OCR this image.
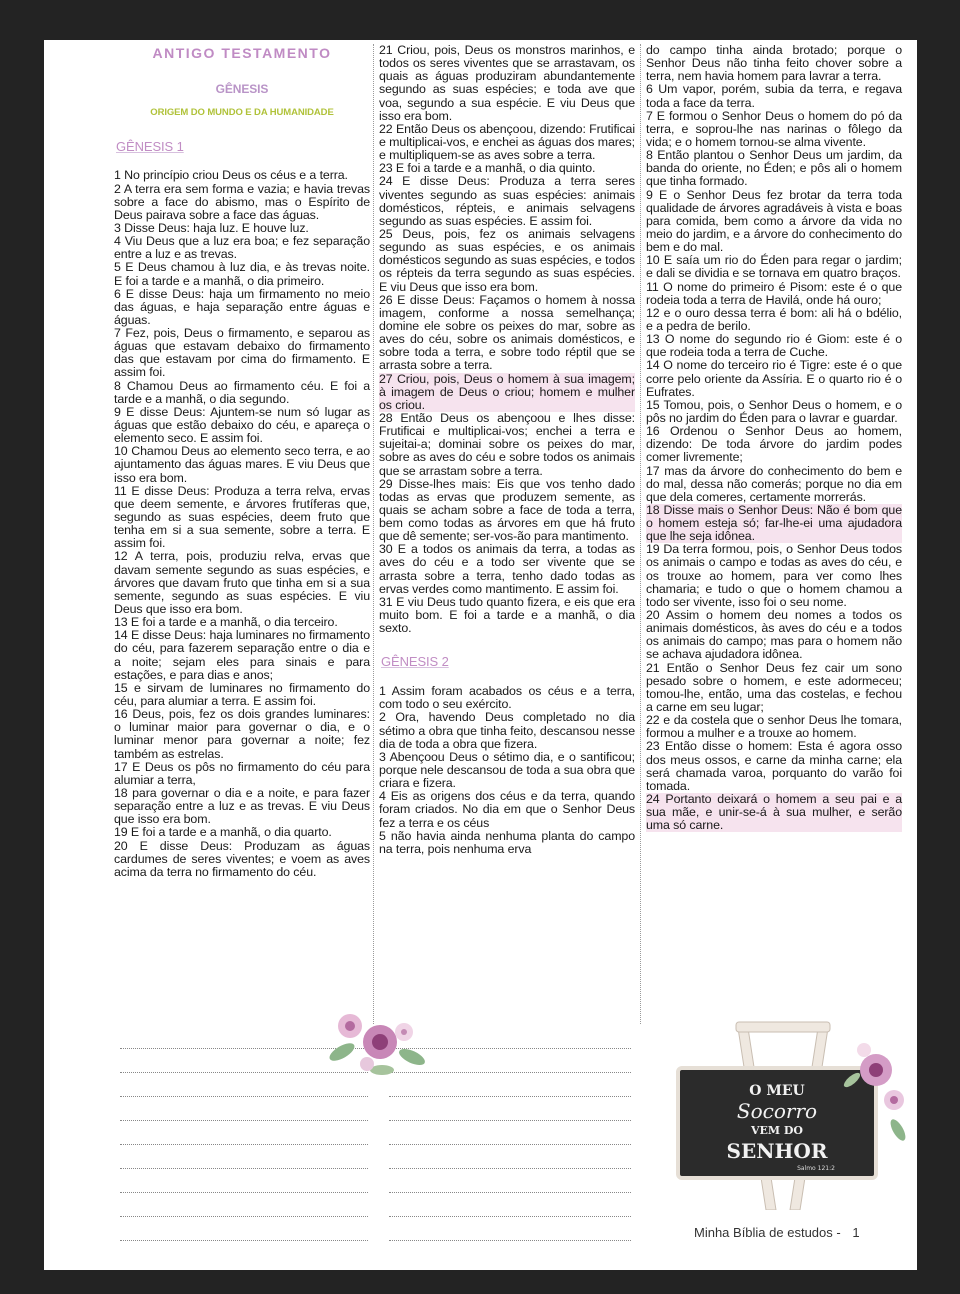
ANTIGO TESTAMENTO
GÊNESIS
ORIGEM DO MUNDO E DA HUMANIDADE
GÊNESIS 1

1 No princípio criou Deus os céus e a terra.

2 A terra era sem forma e vazia; e havia trevas sobre a face do abismo, mas o Espírito de Deus pairava sobre a face das águas.

3 Disse Deus: haja luz. E houve luz.

4 Viu Deus que a luz era boa; e fez separação entre a luz e as trevas.

5 E Deus chamou à luz dia, e às trevas noite. E foi a tarde e a manhã, o dia primeiro.

6 E disse Deus: haja um firmamento no meio das águas, e haja separação entre águas e águas.

7 Fez, pois, Deus o firmamento, e separou as águas que estavam debaixo do firmamento das que estavam por cima do firmamento. E assim foi.

8 Chamou Deus ao firmamento céu. E foi a tarde e a manhã, o dia segundo.

9 E disse Deus: Ajuntem-se num só lugar as águas que estão debaixo do céu, e apareça o elemento seco. E assim foi.

10 Chamou Deus ao elemento seco terra, e ao ajuntamento das águas mares. E viu Deus que isso era bom.

11 E disse Deus: Produza a terra relva, ervas que deem semente, e árvores frutíferas que, segundo as suas espécies, deem fruto que tenha em si a sua semente, sobre a terra. E assim foi.

12 A terra, pois, produziu relva, ervas que davam semente segundo as suas espécies, e árvores que davam fruto que tinha em si a sua semente, segundo as suas espécies. E viu Deus que isso era bom.

13 E foi a tarde e a manhã, o dia terceiro.

14 E disse Deus: haja luminares no firmamento do céu, para fazerem separação entre o dia e a noite; sejam eles para sinais e para estações, e para dias e anos;

15 e sirvam de luminares no firmamento do céu, para alumiar a terra. E assim foi.

16 Deus, pois, fez os dois grandes luminares: o luminar maior para governar o dia, e o luminar menor para governar a noite; fez também as estrelas.

17 E Deus os pôs no firmamento do céu para alumiar a terra,

18 para governar o dia e a noite, e para fazer separação entre a luz e as trevas. E viu Deus que isso era bom.

19 E foi a tarde e a manhã, o dia quarto.

20 E disse Deus: Produzam as águas cardumes de seres viventes; e voem as aves acima da terra no firmamento do céu.

21 Criou, pois, Deus os monstros marinhos, e todos os seres viventes que se arrastavam, os quais as águas produziram abundantemente segundo as suas espécies; e toda ave que voa, segundo a sua espécie. E viu Deus que isso era bom.

22 Então Deus os abençoou, dizendo: Frutificai e multiplicai-vos, e enchei as águas dos mares; e multipliquem-se as aves sobre a terra.

23 E foi a tarde e a manhã, o dia quinto.

24 E disse Deus: Produza a terra seres viventes segundo as suas espécies: animais domésticos, répteis, e animais selvagens segundo as suas espécies. E assim foi.

25 Deus, pois, fez os animais selvagens segundo as suas espécies, e os animais domésticos segundo as suas espécies, e todos os répteis da terra segundo as suas espécies. E viu Deus que isso era bom.

26 E disse Deus: Façamos o homem à nossa imagem, conforme a nossa semelhança; domine ele sobre os peixes do mar, sobre as aves do céu, sobre os animais domésticos, e sobre toda a terra, e sobre todo réptil que se arrasta sobre a terra.

27 Criou, pois, Deus o homem à sua imagem; à imagem de Deus o criou; homem e mulher os criou.

28 Então Deus os abençoou e lhes disse: Frutificai e multiplicai-vos; enchei a terra e sujeitai-a; dominai sobre os peixes do mar, sobre as aves do céu e sobre todos os animais que se arrastam sobre a terra.

29 Disse-lhes mais: Eis que vos tenho dado todas as ervas que produzem semente, as quais se acham sobre a face de toda a terra, bem como todas as árvores em que há fruto que dê semente; ser-vos-ão para mantimento.

30 E a todos os animais da terra, a todas as aves do céu e a todo ser vivente que se arrasta sobre a terra, tenho dado todas as ervas verdes como mantimento. E assim foi.

31 E viu Deus tudo quanto fizera, e eis que era muito bom. E foi a tarde e a manhã, o dia sexto.

GÊNESIS 2

1 Assim foram acabados os céus e a terra, com todo o seu exército.

2 Ora, havendo Deus completado no dia sétimo a obra que tinha feito, descansou nesse dia de toda a obra que fizera.

3 Abençoou Deus o sétimo dia, e o santificou; porque nele descansou de toda a sua obra que criara e fizera.

4 Eis as origens dos céus e da terra, quando foram criados. No dia em que o Senhor Deus fez a terra e os céus

5 não havia ainda nenhuma planta do campo na terra, pois nenhuma erva

do campo tinha ainda brotado; porque o Senhor Deus não tinha feito chover sobre a terra, nem havia homem para lavrar a terra.

6 Um vapor, porém, subia da terra, e regava toda a face da terra.

7 E formou o Senhor Deus o homem do pó da terra, e soprou-lhe nas narinas o fôlego da vida; e o homem tornou-se alma vivente.

8 Então plantou o Senhor Deus um jardim, da banda do oriente, no Éden; e pôs ali o homem que tinha formado.

9 E o Senhor Deus fez brotar da terra toda qualidade de árvores agradáveis à vista e boas para comida, bem como a árvore da vida no meio do jardim, e a árvore do conhecimento do bem e do mal.

10 E saía um rio do Éden para regar o jardim; e dali se dividia e se tornava em quatro braços.

11 O nome do primeiro é Pisom: este é o que rodeia toda a terra de Havilá, onde há ouro;

12 e o ouro dessa terra é bom: ali há o bdélio, e a pedra de berilo.

13 O nome do segundo rio é Giom: este é o que rodeia toda a terra de Cuche.

14 O nome do terceiro rio é Tigre: este é o que corre pelo oriente da Assíria. E o quarto rio é o Eufrates.

15 Tomou, pois, o Senhor Deus o homem, e o pôs no jardim do Éden para o lavrar e guardar.

16 Ordenou o Senhor Deus ao homem, dizendo: De toda árvore do jardim podes comer livremente;

17 mas da árvore do conhecimento do bem e do mal, dessa não comerás; porque no dia em que dela comeres, certamente morrerás.

18 Disse mais o Senhor Deus: Não é bom que o homem esteja só; far-lhe-ei uma ajudadora que lhe seja idônea.

19 Da terra formou, pois, o Senhor Deus todos os animais o campo e todas as aves do céu, e os trouxe ao homem, para ver como lhes chamaria; e tudo o que o homem chamou a todo ser vivente, isso foi o seu nome.

20 Assim o homem deu nomes a todos os animais domésticos, às aves do céu e a todos os animais do campo; mas para o homem não se achava ajudadora idônea.

21 Então o Senhor Deus fez cair um sono pesado sobre o homem, e este adormeceu; tomou-lhe, então, uma das costelas, e fechou a carne em seu lugar;

22 e da costela que o senhor Deus lhe tomara, formou a mulher e a trouxe ao homem.

23 Então disse o homem: Esta é agora osso dos meus ossos, e carne da minha carne; ela será chamada varoa, porquanto do varão foi tomada.

24 Portanto deixará o homem a seu pai e a sua mãe, e unir-se-á à sua mulher, e serão uma só carne.

O MEU
Socorro
VEM DO
SENHOR
Salmo 121:2
Minha Bíblia de estudos - 1
